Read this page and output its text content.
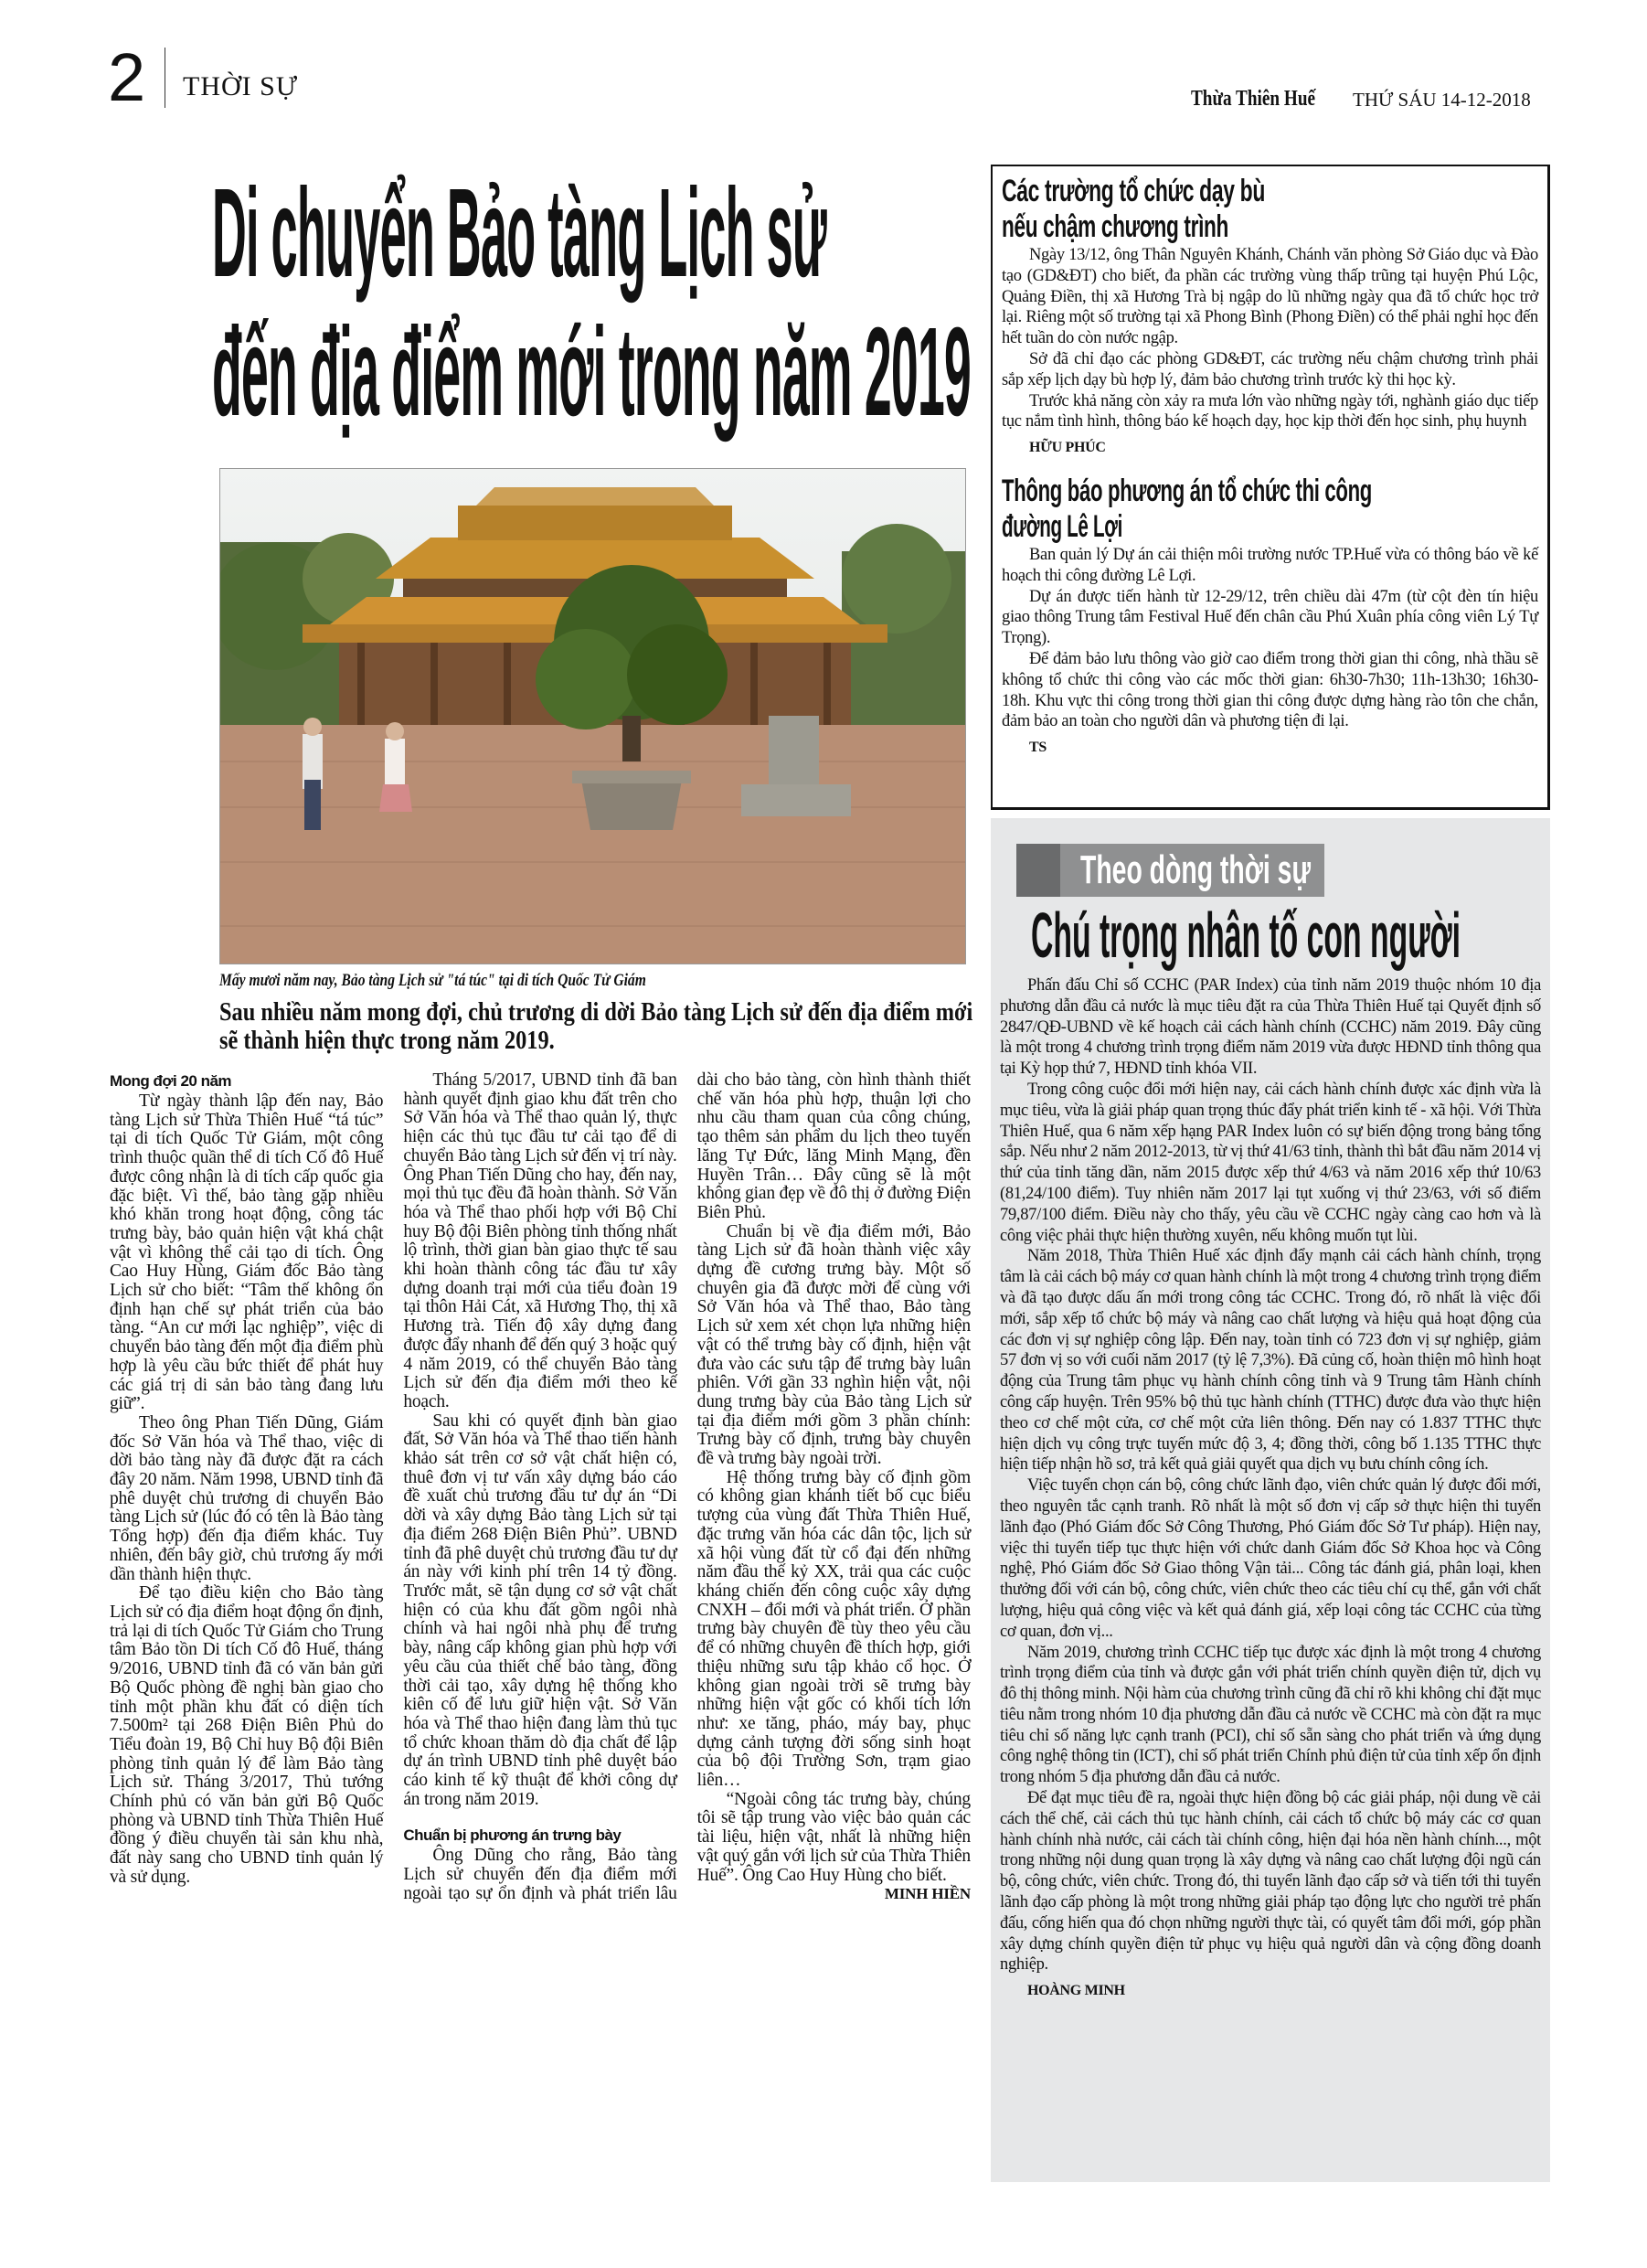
2 THỜI SỰ	Thừa Thiên Huế THỨ SÁU 14-12-2018
Di chuyển Bảo tàng Lịch sử
đến địa điểm mới trong năm 2019
Mấy mươi năm nay, Bảo tàng Lịch sử "tá túc" tại di tích Quốc Tử Giám
Sau nhiều năm mong đợi, chủ trương di dời Bảo tàng Lịch sử đến địa điểm mới sẽ thành hiện thực trong năm 2019.
Mong đợi 20 năm

Từ ngày thành lập đến nay, Bảo tàng Lịch sử Thừa Thiên Huế “tá túc” tại di tích Quốc Tử Giám, một công trình thuộc quần thể di tích Cố đô Huế được công nhận là di tích cấp quốc gia đặc biệt. Vì thế, bảo tàng gặp nhiều khó khăn trong hoạt động, công tác trưng bày, bảo quản hiện vật khá chật vật vì không thể cải tạo di tích. Ông Cao Huy Hùng, Giám đốc Bảo tàng Lịch sử cho biết: “Tâm thế không ổn định hạn chế sự phát triển của bảo tàng. “An cư mới lạc nghiệp”, việc di chuyển bảo tàng đến một địa điểm phù hợp là yêu cầu bức thiết để phát huy các giá trị di sản bảo tàng đang lưu giữ”.

Theo ông Phan Tiến Dũng, Giám đốc Sở Văn hóa và Thể thao, việc di dời bảo tàng này đã được đặt ra cách đây 20 năm. Năm 1998, UBND tỉnh đã phê duyệt chủ trương di chuyển Bảo tàng Lịch sử (lúc đó có tên là Bảo tàng Tổng hợp) đến địa điểm khác. Tuy nhiên, đến bây giờ, chủ trương ấy mới dần thành hiện thực.

Để tạo điều kiện cho Bảo tàng Lịch sử có địa điểm hoạt động ổn định, trả lại di tích Quốc Tử Giám cho Trung tâm Bảo tồn Di tích Cố đô Huế, tháng 9/2016, UBND tỉnh đã có văn bản gửi Bộ Quốc phòng đề nghị bàn giao cho tỉnh một phần khu đất có diện tích 7.500m² tại 268 Điện Biên Phủ do Tiểu đoàn 19, Bộ Chỉ huy Bộ đội Biên phòng tỉnh quản lý để làm Bảo tàng Lịch sử. Tháng 3/2017, Thủ tướng Chính phủ có văn bản gửi Bộ Quốc phòng và UBND tỉnh Thừa Thiên Huế đồng ý điều chuyển tài sản khu nhà, đất này sang cho UBND tỉnh quản lý và sử dụng.

Tháng 5/2017, UBND tỉnh đã ban hành quyết định giao khu đất trên cho Sở Văn hóa và Thể thao quản lý, thực hiện các thủ tục đầu tư cải tạo để di chuyển Bảo tàng Lịch sử đến vị trí này. Ông Phan Tiến Dũng cho hay, đến nay, mọi thủ tục đều đã hoàn thành. Sở Văn hóa và Thể thao phối hợp với Bộ Chỉ huy Bộ đội Biên phòng tỉnh thống nhất lộ trình, thời gian bàn giao thực tế sau khi hoàn thành công tác đầu tư xây dựng doanh trại mới của tiểu đoàn 19 tại thôn Hải Cát, xã Hương Thọ, thị xã Hương trà. Tiến độ xây dựng đang được đẩy nhanh để đến quý 3 hoặc quý 4 năm 2019, có thể chuyển Bảo tàng Lịch sử đến địa điểm mới theo kế hoạch.

Sau khi có quyết định bàn giao đất, Sở Văn hóa và Thể thao tiến hành khảo sát trên cơ sở vật chất hiện có, thuê đơn vị tư vấn xây dựng báo cáo đề xuất chủ trương đầu tư dự án “Di dời và xây dựng Bảo tàng Lịch sử tại địa điểm 268 Điện Biên Phủ”. UBND tỉnh đã phê duyệt chủ trương đầu tư dự án này với kinh phí trên 14 tỷ đồng. Trước mắt, sẽ tận dụng cơ sở vật chất hiện có của khu đất gồm ngôi nhà chính và hai ngôi nhà phụ để trưng bày, nâng cấp không gian phù hợp với yêu cầu của thiết chế bảo tàng, đồng thời cải tạo, xây dựng hệ thống kho kiên cố để lưu giữ hiện vật. Sở Văn hóa và Thể thao hiện đang làm thủ tục tổ chức khoan thăm dò địa chất để lập dự án trình UBND tỉnh phê duyệt báo cáo kinh tế kỹ thuật để khởi công dự án trong năm 2019.

Chuẩn bị phương án trưng bày

Ông Dũng cho rằng, Bảo tàng Lịch sử chuyển đến địa điểm mới ngoài tạo sự ổn định và phát triển lâu dài cho bảo tàng, còn hình thành thiết chế văn hóa phù hợp, thuận lợi cho nhu cầu tham quan của công chúng, tạo thêm sản phẩm du lịch theo tuyến lăng Tự Đức, lăng Minh Mạng, đền Huyền Trân… Đây cũng sẽ là một không gian đẹp về đô thị ở đường Điện Biên Phủ.

Chuẩn bị về địa điểm mới, Bảo tàng Lịch sử đã hoàn thành việc xây dựng đề cương trưng bày. Một số chuyên gia đã được mời để cùng với Sở Văn hóa và Thể thao, Bảo tàng Lịch sử xem xét chọn lựa những hiện vật có thể trưng bày cố định, hiện vật đưa vào các sưu tập để trưng bày luân phiên. Với gần 33 nghìn hiện vật, nội dung trưng bày của Bảo tàng Lịch sử tại địa điểm mới gồm 3 phần chính: Trưng bày cố định, trưng bày chuyên đề và trưng bày ngoài trời.

Hệ thống trưng bày cố định gồm có không gian khánh tiết bố cục biểu tượng của vùng đất Thừa Thiên Huế, đặc trưng văn hóa các dân tộc, lịch sử xã hội vùng đất từ cổ đại đến những năm đầu thế kỷ XX, trải qua các cuộc kháng chiến đến công cuộc xây dựng CNXH – đổi mới và phát triển. Ở phần trưng bày chuyên đề tùy theo yêu cầu để có những chuyên đề thích hợp, giới thiệu những sưu tập khảo cổ học. Ở không gian ngoài trời sẽ trưng bày những hiện vật gốc có khối tích lớn như: xe tăng, pháo, máy bay, phục dựng cảnh tượng đời sống sinh hoạt của bộ đội Trường Sơn, trạm giao liên…

“Ngoài công tác trưng bày, chúng tôi sẽ tập trung vào việc bảo quản các tài liệu, hiện vật, nhất là những hiện vật quý gắn với lịch sử của Thừa Thiên Huế”. Ông Cao Huy Hùng cho biết.

MINH HIỀN

Các trường tổ chức dạy bù
nếu chậm chương trình

Ngày 13/12, ông Thân Nguyên Khánh, Chánh văn phòng Sở Giáo dục và Đào tạo (GD&ĐT) cho biết, đa phần các trường vùng thấp trũng tại huyện Phú Lộc, Quảng Điền, thị xã Hương Trà bị ngập do lũ những ngày qua đã tổ chức học trở lại. Riêng một số trường tại xã Phong Bình (Phong Điền) có thể phải nghỉ học đến hết tuần do còn nước ngập.

Sở đã chỉ đạo các phòng GD&ĐT, các trường nếu chậm chương trình phải sắp xếp lịch dạy bù hợp lý, đảm bảo chương trình trước kỳ thi học kỳ.

Trước khả năng còn xảy ra mưa lớn vào những ngày tới, nghành giáo dục tiếp tục nắm tình hình, thông báo kế hoạch dạy, học kịp thời đến học sinh, phụ huynh

HỮU PHÚC

Thông báo phương án tổ chức thi công
đường Lê Lợi

Ban quản lý Dự án cải thiện môi trường nước TP.Huế vừa có thông báo về kế hoạch thi công đường Lê Lợi.

Dự án được tiến hành từ 12-29/12, trên chiều dài 47m (từ cột đèn tín hiệu giao thông Trung tâm Festival Huế đến chân cầu Phú Xuân phía công viên Lý Tự Trọng).

Để đảm bảo lưu thông vào giờ cao điểm trong thời gian thi công, nhà thầu sẽ không tổ chức thi công vào các mốc thời gian: 6h30-7h30; 11h-13h30; 16h30-18h. Khu vực thi công trong thời gian thi công được dựng hàng rào tôn che chắn, đảm bảo an toàn cho người dân và phương tiện đi lại.

TS

Theo dòng thời sự
Chú trọng nhân tố con người

Phấn đấu Chỉ số CCHC (PAR Index) của tỉnh năm 2019 thuộc nhóm 10 địa phương dẫn đầu cả nước là mục tiêu đặt ra của Thừa Thiên Huế tại Quyết định số 2847/QĐ-UBND về kế hoạch cải cách hành chính (CCHC) năm 2019. Đây cũng là một trong 4 chương trình trọng điểm năm 2019 vừa được HĐND tỉnh thông qua tại Kỳ họp thứ 7, HĐND tỉnh khóa VII.

Trong công cuộc đổi mới hiện nay, cải cách hành chính được xác định vừa là mục tiêu, vừa là giải pháp quan trọng thúc đẩy phát triển kinh tế - xã hội. Với Thừa Thiên Huế, qua 6 năm xếp hạng PAR Index luôn có sự biến động trong bảng tổng sắp. Nếu như 2 năm 2012-2013, từ vị thứ 41/63 tỉnh, thành thì bắt đầu năm 2014 vị thứ của tỉnh tăng dần, năm 2015 được xếp thứ 4/63 và năm 2016 xếp thứ 10/63 (81,24/100 điểm). Tuy nhiên năm 2017 lại tụt xuống vị thứ 23/63, với số điểm 79,87/100 điểm. Điều này cho thấy, yêu cầu về CCHC ngày càng cao hơn và là công việc phải thực hiện thường xuyên, nếu không muốn tụt lùi.

Năm 2018, Thừa Thiên Huế xác định đẩy mạnh cải cách hành chính, trọng tâm là cải cách bộ máy cơ quan hành chính là một trong 4 chương trình trọng điểm và đã tạo được dấu ấn mới trong công tác CCHC. Trong đó, rõ nhất là việc đổi mới, sắp xếp tổ chức bộ máy và nâng cao chất lượng và hiệu quả hoạt động của các đơn vị sự nghiệp công lập. Đến nay, toàn tỉnh có 723 đơn vị sự nghiệp, giảm 57 đơn vị so với cuối năm 2017 (tỷ lệ 7,3%). Đã củng cố, hoàn thiện mô hình hoạt động của Trung tâm phục vụ hành chính công tỉnh và 9 Trung tâm Hành chính công cấp huyện. Trên 95% bộ thủ tục hành chính (TTHC) được đưa vào thực hiện theo cơ chế một cửa, cơ chế một cửa liên thông. Đến nay có 1.837 TTHC thực hiện dịch vụ công trực tuyến mức độ 3, 4; đồng thời, công bố 1.135 TTHC thực hiện tiếp nhận hồ sơ, trả kết quả giải quyết qua dịch vụ bưu chính công ích.

Việc tuyển chọn cán bộ, công chức lãnh đạo, viên chức quản lý được đổi mới, theo nguyên tắc cạnh tranh. Rõ nhất là một số đơn vị cấp sở thực hiện thi tuyển lãnh đạo (Phó Giám đốc Sở Công Thương, Phó Giám đốc Sở Tư pháp). Hiện nay, việc thi tuyển tiếp tục thực hiện với chức danh Giám đốc Sở Khoa học và Công nghệ, Phó Giám đốc Sở Giao thông Vận tải... Công tác đánh giá, phân loại, khen thưởng đối với cán bộ, công chức, viên chức theo các tiêu chí cụ thể, gắn với chất lượng, hiệu quả công việc và kết quả đánh giá, xếp loại công tác CCHC của từng cơ quan, đơn vị...

Năm 2019, chương trình CCHC tiếp tục được xác định là một trong 4 chương trình trọng điểm của tỉnh và được gắn với phát triển chính quyền điện tử, dịch vụ đô thị thông minh. Nội hàm của chương trình cũng đã chỉ rõ khi không chỉ đặt mục tiêu nằm trong nhóm 10 địa phương dẫn đầu cả nước về CCHC mà còn đặt ra mục tiêu chỉ số năng lực cạnh tranh (PCI), chỉ số sẵn sàng cho phát triển và ứng dụng công nghệ thông tin (ICT), chỉ số phát triển Chính phủ điện tử của tỉnh xếp ổn định trong nhóm 5 địa phương dẫn đầu cả nước.

Để đạt mục tiêu đề ra, ngoài thực hiện đồng bộ các giải pháp, nội dung về cải cách thể chế, cải cách thủ tục hành chính, cải cách tổ chức bộ máy các cơ quan hành chính nhà nước, cải cách tài chính công, hiện đại hóa nền hành chính..., một trong những nội dung quan trọng là xây dựng và nâng cao chất lượng đội ngũ cán bộ, công chức, viên chức. Trong đó, thi tuyển lãnh đạo cấp sở và tiến tới thi tuyển lãnh đạo cấp phòng là một trong những giải pháp tạo động lực cho người trẻ phấn đấu, cống hiến qua đó chọn những người thực tài, có quyết tâm đổi mới, góp phần xây dựng chính quyền điện tử phục vụ hiệu quả người dân và cộng đồng doanh nghiệp.

HOÀNG MINH
